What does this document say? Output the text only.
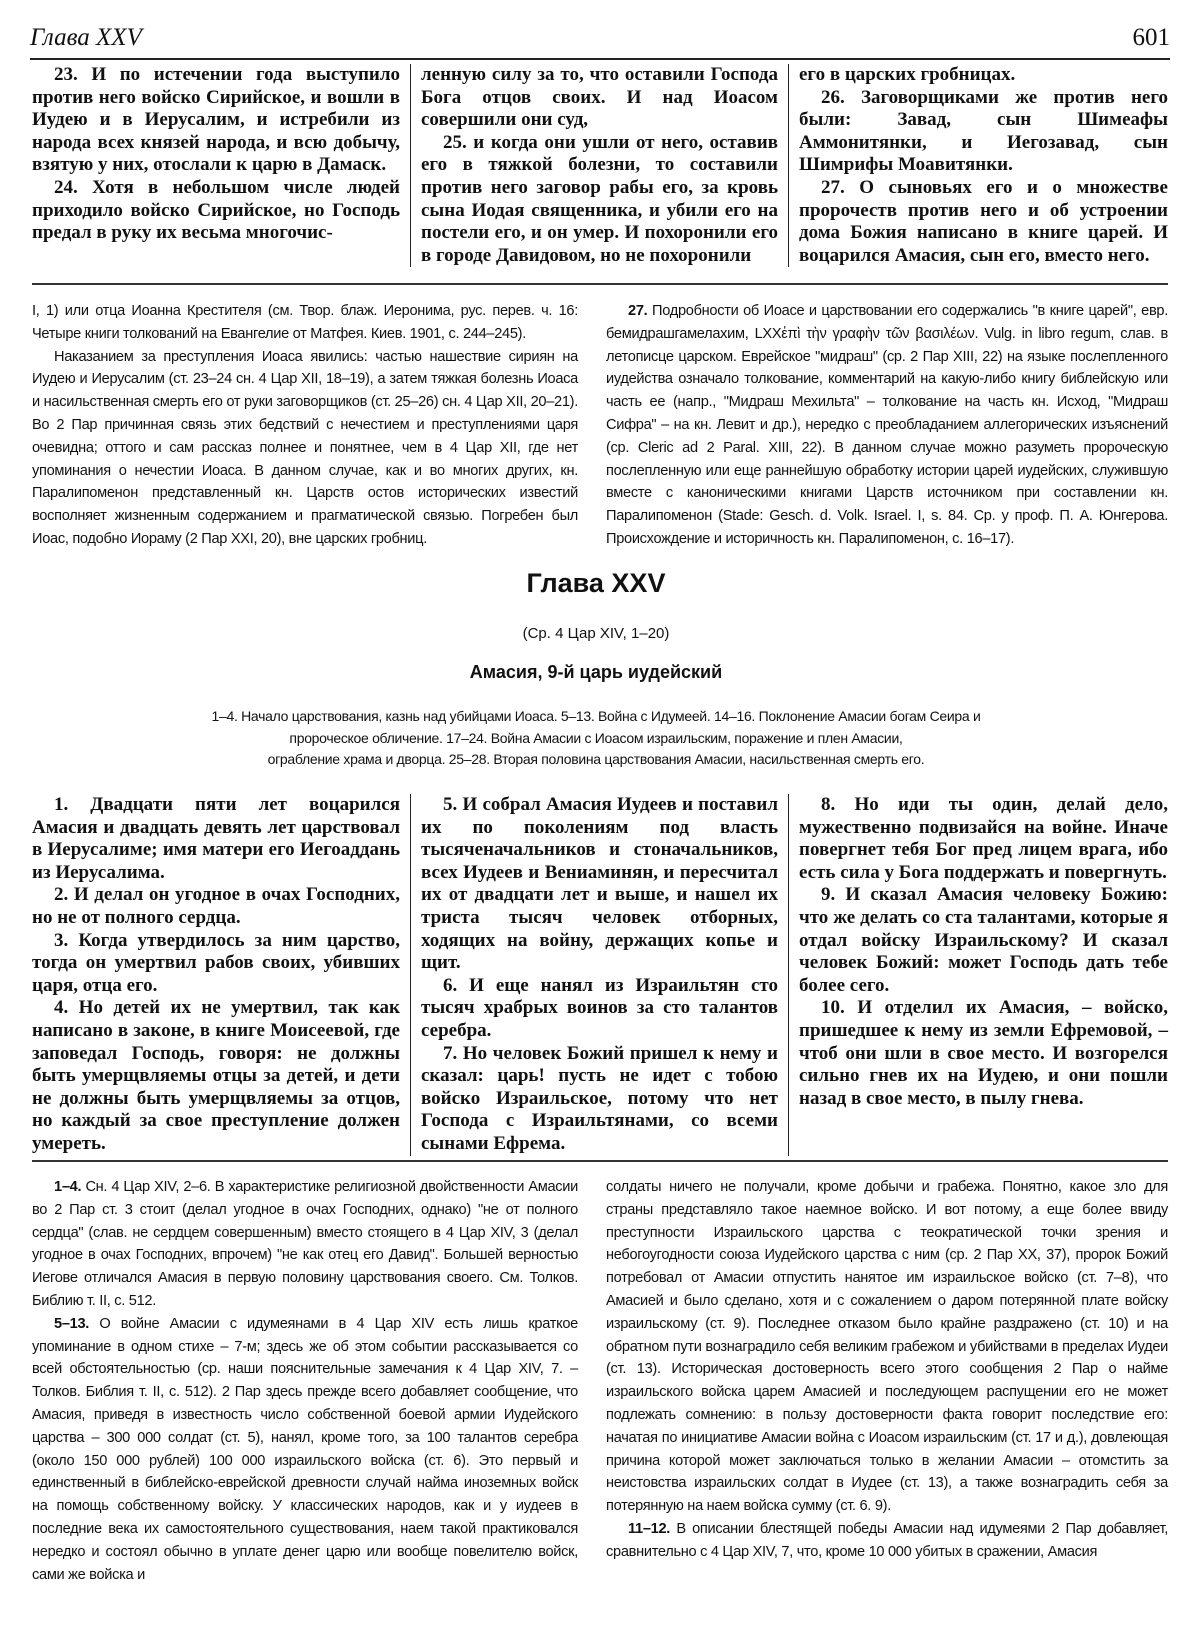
Глава XXV	601

23. И по истечении года выступило против него войско Сирийское, и вошли в Иудею и в Иерусалим, и истребили из народа всех князей народа, и всю добычу, взятую у них, отослали к царю в Дамаск.

24. Хотя в небольшом числе людей приходило войско Сирийское, но Господь предал в руку их весьма многочис-

ленную силу за то, что оставили Господа Бога отцов своих. И над Иоасом совершили они суд,

25. и когда они ушли от него, оставив его в тяжкой болезни, то составили против него заговор рабы его, за кровь сына Иодая священника, и убили его на постели его, и он умер. И похоронили его в городе Давидовом, но не похоронили

его в царских гробницах.

26. Заговорщиками же против него были: Завад, сын Шимеафы Аммонитянки, и Иегозавад, сын Шимрифы Моавитянки.

27. О сыновьях его и о множестве пророчеств против него и об устроении дома Божия написано в книге царей. И воцарился Амасия, сын его, вместо него.

I, 1) или отца Иоанна Крестителя (см. Твор. блаж. Иеронима, рус. перев. ч. 16: Четыре книги толкований на Евангелие от Матфея. Киев. 1901, с. 244–245).

Наказанием за преступления Иоаса явились: частью нашествие сириян на Иудею и Иерусалим (ст. 23–24 сн. 4 Цар XII, 18–19), а затем тяжкая болезнь Иоаса и насильственная смерть его от руки заговорщиков (ст. 25–26) сн. 4 Цар XII, 20–21). Во 2 Пар причинная связь этих бедствий с нечестием и преступлениями царя очевидна; оттого и сам рассказ полнее и понятнее, чем в 4 Цар XII, где нет упоминания о нечестии Иоаса. В данном случае, как и во многих других, кн. Паралипоменон представленный кн. Царств остов исторических известий восполняет жизненным содержанием и прагматической связью. Погребен был Иоас, подобно Иораму (2 Пар XXI, 20), вне царских гробниц.

27. Подробности об Иоасе и царствовании его содержались "в книге царей", евр. бемидрашгамелахим, LXXἐπὶ τὴν γραφὴν τῶν βασιλέων. Vulg. in libro regum, слав. в летописце царском. Еврейское "мидраш" (ср. 2 Пар XIII, 22) на языке послепленного иудейства означало толкование, комментарий на какую-либо книгу библейскую или часть ее (напр., "Мидраш Мехильта" – толкование на часть кн. Исход, "Мидраш Сифра" – на кн. Левит и др.), нередко с преобладанием аллегорических изъяснений (ср. Cleric ad 2 Paral. XIII, 22). В данном случае можно разуметь пророческую послепленную или еще раннейшую обработку истории царей иудейских, служившую вместе с каноническими книгами Царств источником при составлении кн. Паралипоменон (Stade: Gesch. d. Volk. Israel. I, s. 84. Ср. у проф. П. А. Юнгерова. Происхождение и историчность кн. Паралипоменон, с. 16–17).

Глава XXV
(Ср. 4 Цар XIV, 1–20)
Амасия, 9-й царь иудейский
1–4. Начало царствования, казнь над убийцами Иоаса. 5–13. Война с Идумеей. 14–16. Поклонение Амасии богам Сеира и
пророческое обличение. 17–24. Война Амасии с Иоасом израильским, поражение и плен Амасии,
ограбление храма и дворца. 25–28. Вторая половина царствования Амасии, насильственная смерть его.

1. Двадцати пяти лет воцарился Амасия и двадцать девять лет царствовал в Иерусалиме; имя матери его Иегоаддань из Иерусалима.

2. И делал он угодное в очах Господних, но не от полного сердца.

3. Когда утвердилось за ним царство, тогда он умертвил рабов своих, убивших царя, отца его.

4. Но детей их не умертвил, так как написано в законе, в книге Моисеевой, где заповедал Господь, говоря: не должны быть умерщвляемы отцы за детей, и дети не должны быть умерщвляемы за отцов, но каждый за свое преступление должен умереть.

5. И собрал Амасия Иудеев и поставил их по поколениям под власть тысяченачальников и стоначальников, всех Иудеев и Вениаминян, и пересчитал их от двадцати лет и выше, и нашел их триста тысяч человек отборных, ходящих на войну, держащих копье и щит.

6. И еще нанял из Израильтян сто тысяч храбрых воинов за сто талантов серебра.

7. Но человек Божий пришел к нему и сказал: царь! пусть не идет с тобою войско Израильское, потому что нет Господа с Израильтянами, со всеми сынами Ефрема.

8. Но иди ты один, делай дело, мужественно подвизайся на войне. Иначе повергнет тебя Бог пред лицем врага, ибо есть сила у Бога поддержать и повергнуть.

9. И сказал Амасия человеку Божию: что же делать со ста талантами, которые я отдал войску Израильскому? И сказал человек Божий: может Господь дать тебе более сего.

10. И отделил их Амасия, – войско, пришедшее к нему из земли Ефремовой, – чтоб они шли в свое место. И возгорелся сильно гнев их на Иудею, и они пошли назад в свое место, в пылу гнева.

1–4. Сн. 4 Цар XIV, 2–6. В характеристике религиозной двойственности Амасии во 2 Пар ст. 3 стоит (делал угодное в очах Господних, однако) "не от полного сердца" (слав. не сердцем совершенным) вместо стоящего в 4 Цар XIV, 3 (делал угодное в очах Господних, впрочем) "не как отец его Давид". Большей верностью Иегове отличался Амасия в первую половину царствования своего. См. Толков. Библию т. II, с. 512.

5–13. О войне Амасии с идумеянами в 4 Цар XIV есть лишь краткое упоминание в одном стихе – 7-м; здесь же об этом событии рассказывается со всей обстоятельностью (ср. наши пояснительные замечания к 4 Цар XIV, 7. – Толков. Библия т. II, с. 512). 2 Пар здесь прежде всего добавляет сообщение, что Амасия, приведя в известность число собственной боевой армии Иудейского царства – 300 000 солдат (ст. 5), нанял, кроме того, за 100 талантов серебра (около 150 000 рублей) 100 000 израильского войска (ст. 6). Это первый и единственный в библейско-еврейской древности случай найма иноземных войск на помощь собственному войску. У классических народов, как и у иудеев в последние века их самостоятельного существования, наем такой практиковался нередко и состоял обычно в уплате денег царю или вообще повелителю войск, сами же войска и

солдаты ничего не получали, кроме добычи и грабежа. Понятно, какое зло для страны представляло такое наемное войско. И вот потому, а еще более ввиду преступности Израильского царства с теократической точки зрения и небогоугодности союза Иудейского царства с ним (ср. 2 Пар XX, 37), пророк Божий потребовал от Амасии отпустить нанятое им израильское войско (ст. 7–8), что Амасией и было сделано, хотя и с сожалением о даром потерянной плате войску израильскому (ст. 9). Последнее отказом было крайне раздражено (ст. 10) и на обратном пути вознаградило себя великим грабежом и убийствами в пределах Иудеи (ст. 13). Историческая достоверность всего этого сообщения 2 Пар о найме израильского войска царем Амасией и последующем распущении его не может подлежать сомнению: в пользу достоверности факта говорит последствие его: начатая по инициативе Амасии война с Иоасом израильским (ст. 17 и д.), довлеющая причина которой может заключаться только в желании Амасии – отомстить за неистовства израильских солдат в Иудее (ст. 13), а также вознаградить себя за потерянную на наем войска сумму (ст. 6. 9).

11–12. В описании блестящей победы Амасии над идумеями 2 Пар добавляет, сравнительно с 4 Цар XIV, 7, что, кроме 10 000 убитых в сражении, Амасия
